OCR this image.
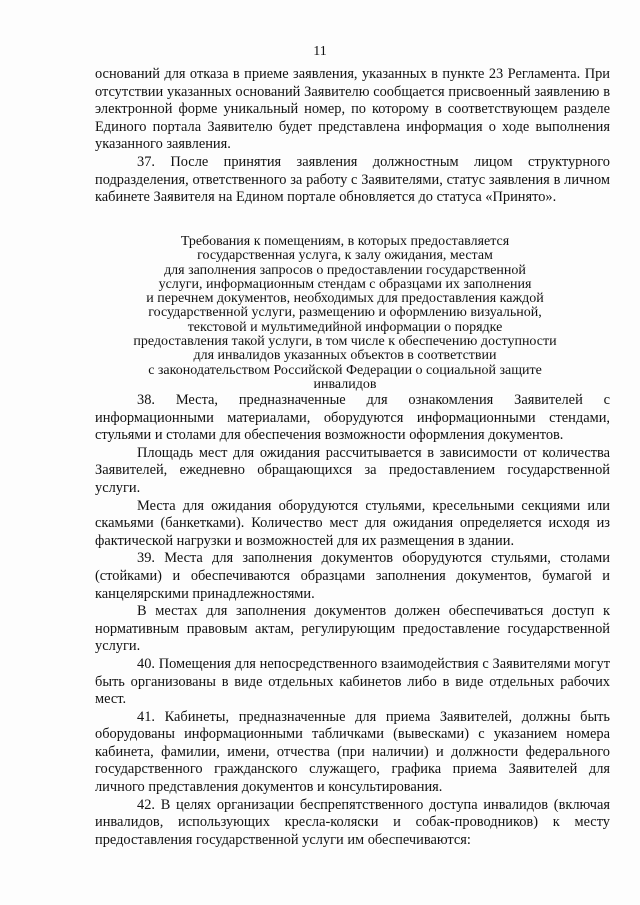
11

оснований для отказа в приеме заявления, указанных в пункте 23 Регламента. При отсутствии указанных оснований Заявителю сообщается присвоенный заявлению в электронной форме уникальный номер, по которому в соответствующем разделе Единого портала Заявителю будет представлена информация о ходе выполнения указанного заявления.

37. После принятия заявления должностным лицом структурного подразделения, ответственного за работу с Заявителями, статус заявления в личном кабинете Заявителя на Едином портале обновляется до статуса «Принято».

Требования к помещениям, в которых предоставляется
государственная услуга, к залу ожидания, местам
для заполнения запросов о предоставлении государственной
услуги, информационным стендам с образцами их заполнения
и перечнем документов, необходимых для предоставления каждой
государственной услуги, размещению и оформлению визуальной,
текстовой и мультимедийной информации о порядке
предоставления такой услуги, в том числе к обеспечению доступности
для инвалидов указанных объектов в соответствии
с законодательством Российской Федерации о социальной защите
инвалидов

38. Места, предназначенные для ознакомления Заявителей с информационными материалами, оборудуются информационными стендами, стульями и столами для обеспечения возможности оформления документов.

Площадь мест для ожидания рассчитывается в зависимости от количества Заявителей, ежедневно обращающихся за предоставлением государственной услуги.

Места для ожидания оборудуются стульями, кресельными секциями или скамьями (банкетками). Количество мест для ожидания определяется исходя из фактической нагрузки и возможностей для их размещения в здании.

39. Места для заполнения документов оборудуются стульями, столами (стойками) и обеспечиваются образцами заполнения документов, бумагой и канцелярскими принадлежностями.

В местах для заполнения документов должен обеспечиваться доступ к нормативным правовым актам, регулирующим предоставление государственной услуги.

40. Помещения для непосредственного взаимодействия с Заявителями могут быть организованы в виде отдельных кабинетов либо в виде отдельных рабочих мест.

41. Кабинеты, предназначенные для приема Заявителей, должны быть оборудованы информационными табличками (вывесками) с указанием номера кабинета, фамилии, имени, отчества (при наличии) и должности федерального государственного гражданского служащего, графика приема Заявителей для личного представления документов и консультирования.

42. В целях организации беспрепятственного доступа инвалидов (включая инвалидов, использующих кресла-коляски и собак-проводников) к месту предоставления государственной услуги им обеспечиваются:
